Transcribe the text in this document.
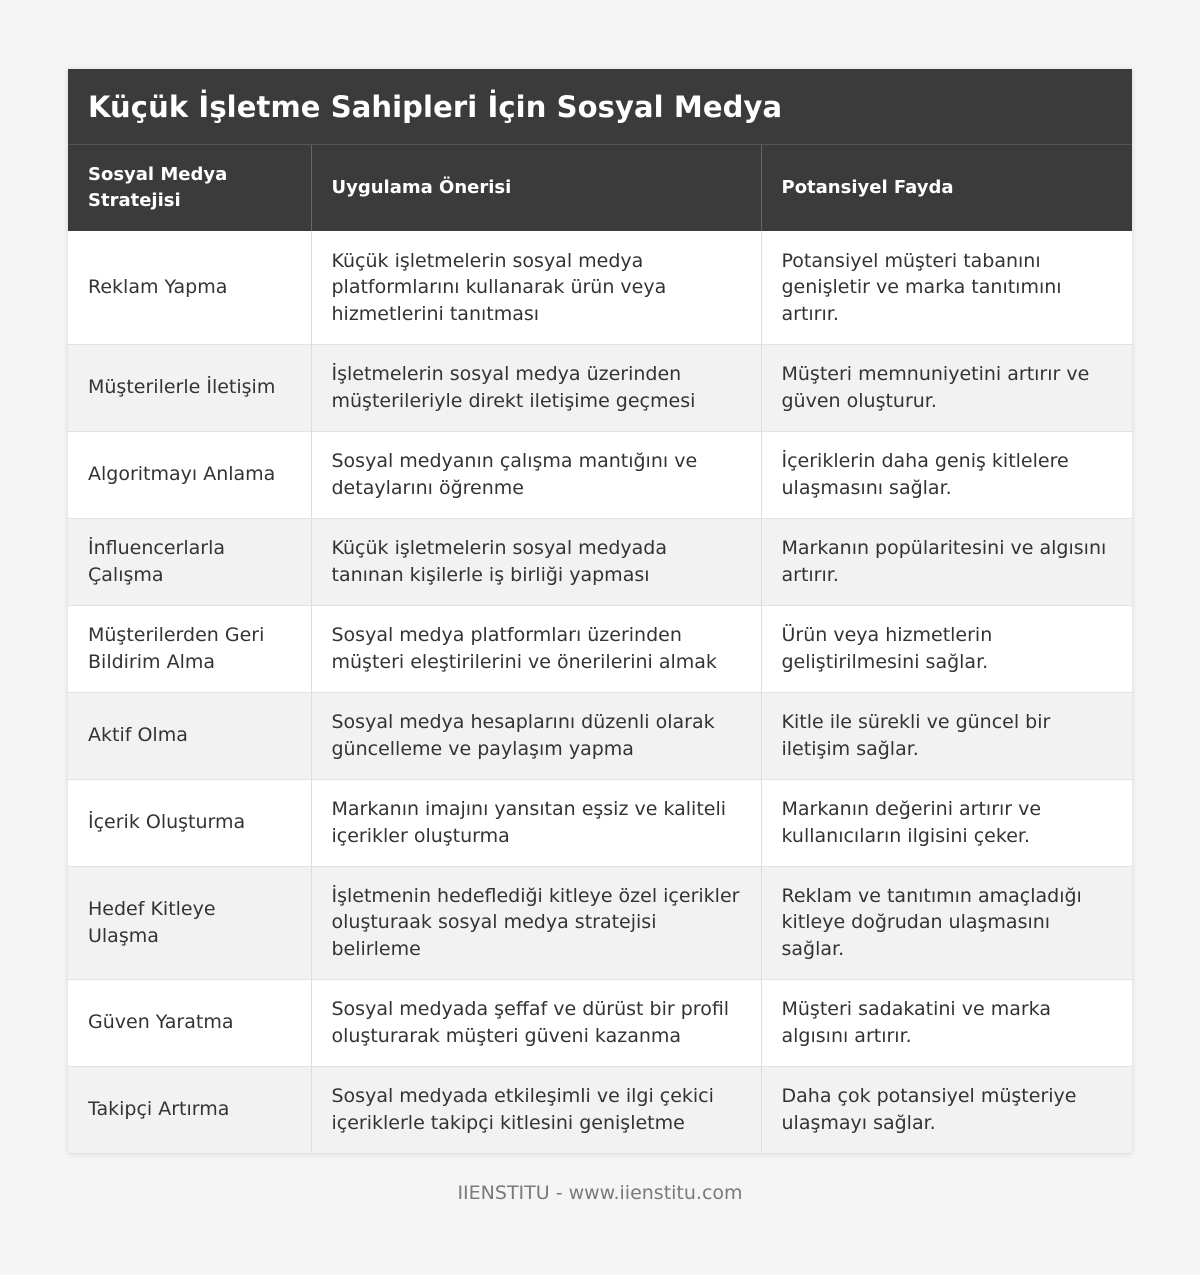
Küçük İşletme Sahipleri İçin Sosyal Medya
Sosyal Medya Stratejisi	Uygulama Önerisi	Potansiyel Fayda
Reklam Yapma	Küçük işletmelerin sosyal medya platformlarını kullanarak ürün veya hizmetlerini tanıtması	Potansiyel müşteri tabanını genişletir ve marka tanıtımını artırır.
Müşterilerle İletişim	İşletmelerin sosyal medya üzerinden müşterileriyle direkt iletişime geçmesi	Müşteri memnuniyetini artırır ve güven oluşturur.
Algoritmayı Anlama	Sosyal medyanın çalışma mantığını ve detaylarını öğrenme	İçeriklerin daha geniş kitlelere ulaşmasını sağlar.
İnfluencerlarla Çalışma	Küçük işletmelerin sosyal medyada tanınan kişilerle iş birliği yapması	Markanın popülaritesini ve algısını artırır.
Müşterilerden Geri Bildirim Alma	Sosyal medya platformları üzerinden müşteri eleştirilerini ve önerilerini almak	Ürün veya hizmetlerin geliştirilmesini sağlar.
Aktif Olma	Sosyal medya hesaplarını düzenli olarak güncelleme ve paylaşım yapma	Kitle ile sürekli ve güncel bir iletişim sağlar.
İçerik Oluşturma	Markanın imajını yansıtan eşsiz ve kaliteli içerikler oluşturma	Markanın değerini artırır ve kullanıcıların ilgisini çeker.
Hedef Kitleye Ulaşma	İşletmenin hedeflediği kitleye özel içerikler oluşturaak sosyal medya stratejisi belirleme	Reklam ve tanıtımın amaçladığı kitleye doğrudan ulaşmasını sağlar.
Güven Yaratma	Sosyal medyada şeffaf ve dürüst bir profil oluşturarak müşteri güveni kazanma	Müşteri sadakatini ve marka algısını artırır.
Takipçi Artırma	Sosyal medyada etkileşimli ve ilgi çekici içeriklerle takipçi kitlesini genişletme	Daha çok potansiyel müşteriye ulaşmayı sağlar.
IIENSTITU - www.iienstitu.com
